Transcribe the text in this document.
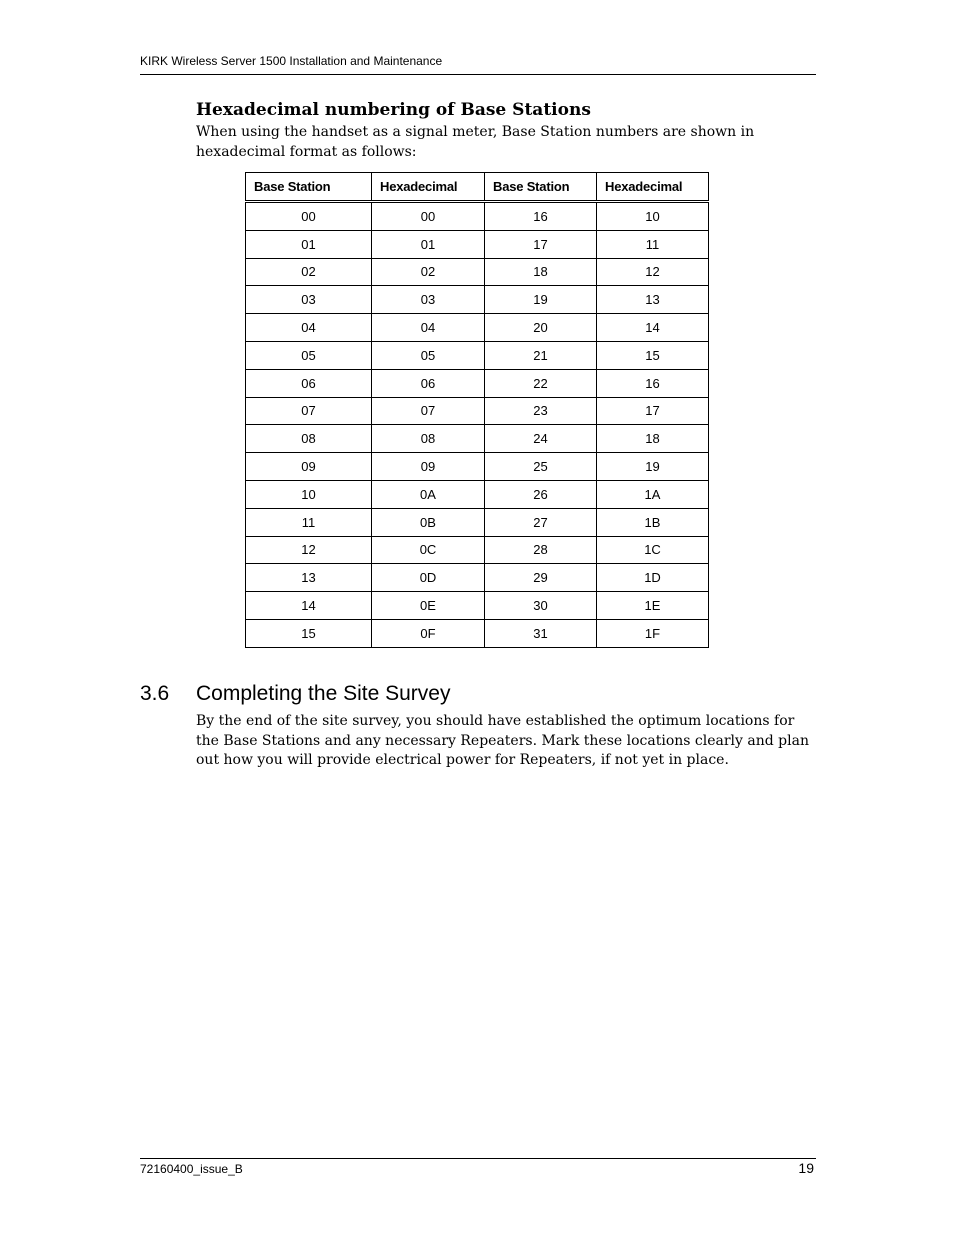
KIRK Wireless Server 1500 Installation and Maintenance
Hexadecimal numbering of Base Stations
When using the handset as a signal meter, Base Station numbers are shown in hexadecimal format as follows:
Base Station	Hexadecimal	Base Station	Hexadecimal
00	00	16	10
01	01	17	11
02	02	18	12
03	03	19	13
04	04	20	14
05	05	21	15
06	06	22	16
07	07	23	17
08	08	24	18
09	09	25	19
10	0A	26	1A
11	0B	27	1B
12	0C	28	1C
13	0D	29	1D
14	0E	30	1E
15	0F	31	1F
3.6 Completing the Site Survey
By the end of the site survey, you should have established the optimum locations for the Base Stations and any necessary Repeaters. Mark these locations clearly and plan out how you will provide electrical power for Repeaters, if not yet in place.
72160400_issue_B	19
